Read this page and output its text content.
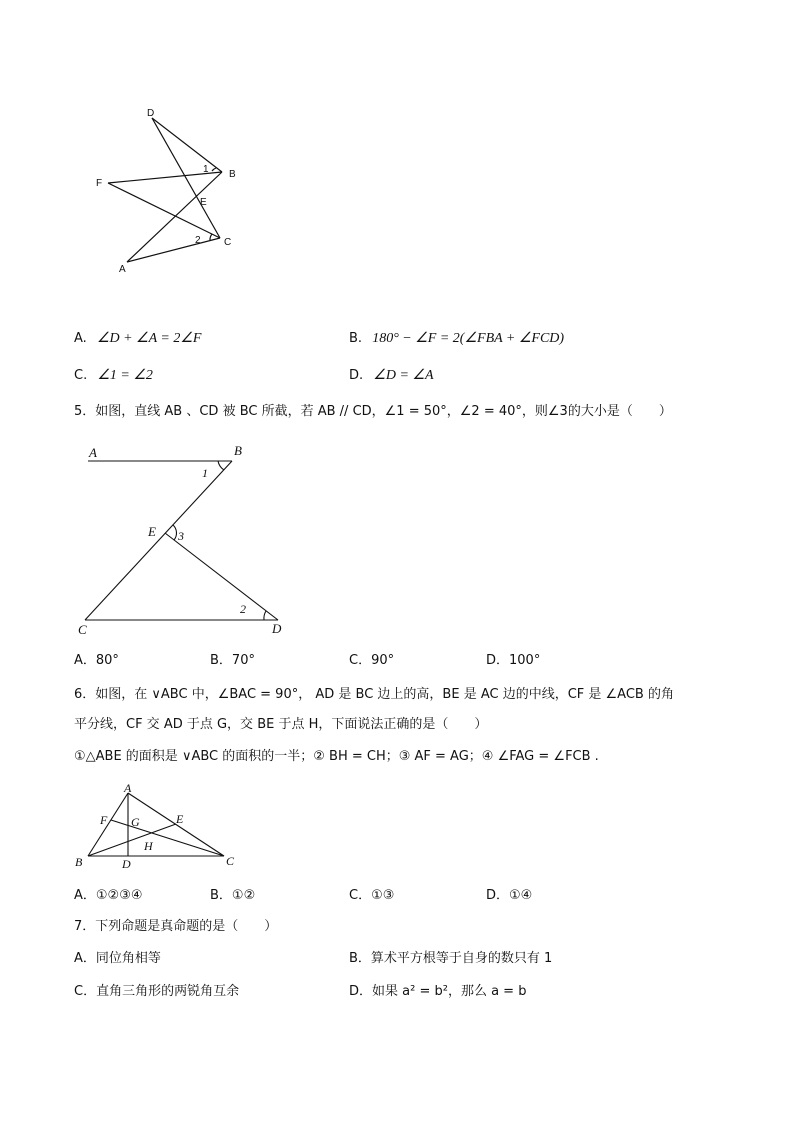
D
B
F
E
C
A
1
2
A. ∠D + ∠A = 2∠F	B. 180° − ∠F = 2(∠FBA + ∠FCD)
C. ∠1 = ∠2	D. ∠D = ∠A
5．如图，直线 AB 、CD 被 BC 所截，若 AB // CD，∠1 = 50°，∠2 = 40°，则∠3的大小是（　　）
A	B
E
C	D
1
2
3
A．80°	B．70°	C．90°	D．100°
6．如图，在 ∨ABC 中，∠BAC = 90°， AD 是 BC 边上的高，BE 是 AC 边的中线，CF 是 ∠ACB 的角
平分线，CF 交 AD 于点 G，交 BE 于点 H，下面说法正确的是（　　）
①△ABE 的面积是 ∨ABC 的面积的一半；② BH = CH；③ AF = AG；④ ∠FAG = ∠FCB .
A
F G	E
H
B	D	C
A．①②③④	B．①②	C．①③	D．①④
7．下列命题是真命题的是（　　）
A．同位角相等	B．算术平方根等于自身的数只有 1
C．直角三角形的两锐角互余	D．如果 a² = b²，那么 a = b
